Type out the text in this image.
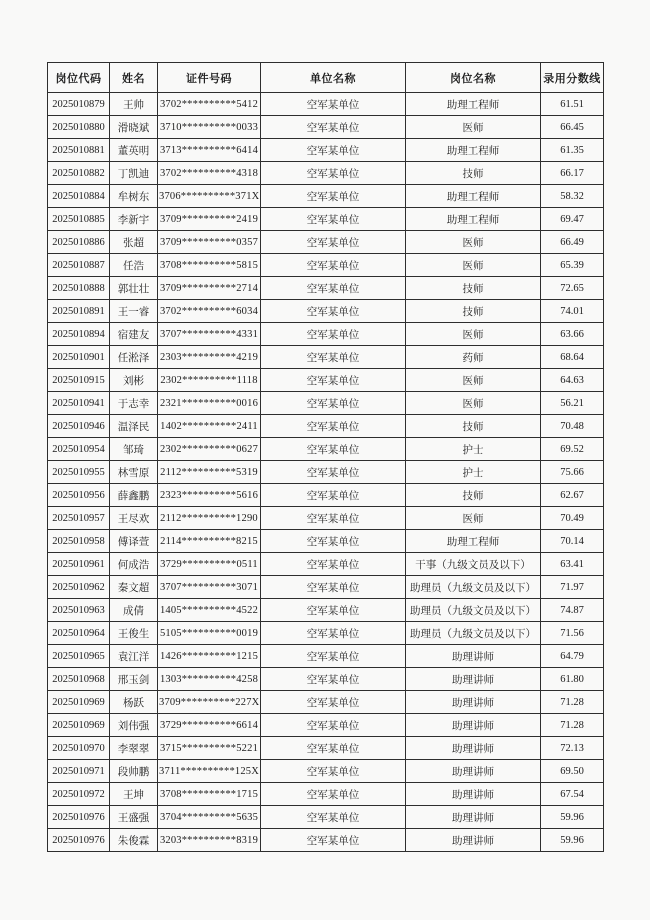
岗位代码	姓名	证件号码	单位名称	岗位名称	录用分数线
2025010879	王帅	3702**********5412	空军某单位	助理工程师	61.51
2025010880	滑晓斌	3710**********0033	空军某单位	医师	66.45
2025010881	董英明	3713**********6414	空军某单位	助理工程师	61.35
2025010882	丁凯迪	3702**********4318	空军某单位	技师	66.17
2025010884	牟树东	3706**********371X	空军某单位	助理工程师	58.32
2025010885	李新宇	3709**********2419	空军某单位	助理工程师	69.47
2025010886	张超	3709**********0357	空军某单位	医师	66.49
2025010887	任浩	3708**********5815	空军某单位	医师	65.39
2025010888	郭壮壮	3709**********2714	空军某单位	技师	72.65
2025010891	王一睿	3702**********6034	空军某单位	技师	74.01
2025010894	宿建友	3707**********4331	空军某单位	医师	63.66
2025010901	任淞泽	2303**********4219	空军某单位	药师	68.64
2025010915	刘彬	2302**********1118	空军某单位	医师	64.63
2025010941	于志幸	2321**********0016	空军某单位	医师	56.21
2025010946	温泽民	1402**********2411	空军某单位	技师	70.48
2025010954	邹琦	2302**********0627	空军某单位	护士	69.52
2025010955	林雪原	2112**********5319	空军某单位	护士	75.66
2025010956	薛鑫鹏	2323**********5616	空军某单位	技师	62.67
2025010957	王尽欢	2112**********1290	空军某单位	医师	70.49
2025010958	傅译萱	2114**********8215	空军某单位	助理工程师	70.14
2025010961	何成浩	3729**********0511	空军某单位	干事（九级文员及以下）	63.41
2025010962	秦文超	3707**********3071	空军某单位	助理员（九级文员及以下）	71.97
2025010963	成倩	1405**********4522	空军某单位	助理员（九级文员及以下）	74.87
2025010964	王俊生	5105**********0019	空军某单位	助理员（九级文员及以下）	71.56
2025010965	袁江洋	1426**********1215	空军某单位	助理讲师	64.79
2025010968	邢玉剑	1303**********4258	空军某单位	助理讲师	61.80
2025010969	杨跃	3709**********227X	空军某单位	助理讲师	71.28
2025010969	刘伟强	3729**********6614	空军某单位	助理讲师	71.28
2025010970	李翠翠	3715**********5221	空军某单位	助理讲师	72.13
2025010971	段帅鹏	3711**********125X	空军某单位	助理讲师	69.50
2025010972	王坤	3708**********1715	空军某单位	助理讲师	67.54
2025010976	王盛强	3704**********5635	空军某单位	助理讲师	59.96
2025010976	朱俊霖	3203**********8319	空军某单位	助理讲师	59.96
